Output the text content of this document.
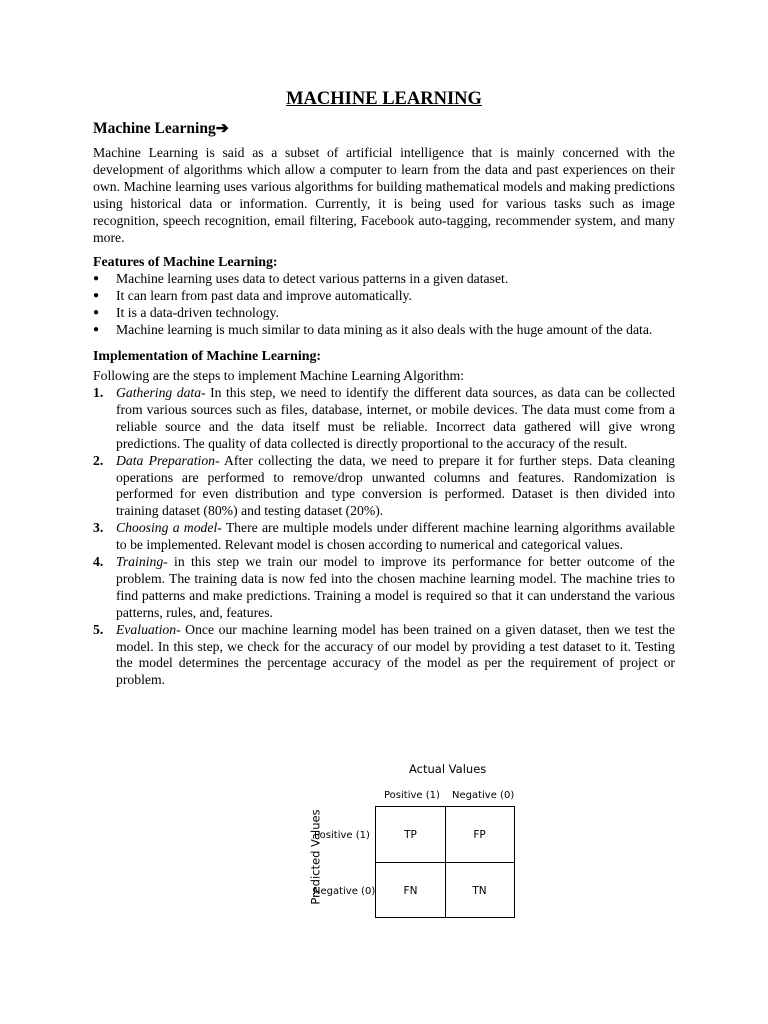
MACHINE LEARNING
Machine Learning➔

Machine Learning is said as a subset of artificial intelligence that is mainly concerned with the development of algorithms which allow a computer to learn from the data and past experiences on their own. Machine learning uses various algorithms for building mathematical models and making predictions using historical data or information. Currently, it is being used for various tasks such as image recognition, speech recognition, email filtering, Facebook auto-tagging, recommender system, and many more.

Features of Machine Learning:
● Machine learning uses data to detect various patterns in a given dataset.
● It can learn from past data and improve automatically.
● It is a data-driven technology.
● Machine learning is much similar to data mining as it also deals with the huge amount of the data.
Implementation of Machine Learning:

Following are the steps to implement Machine Learning Algorithm:

1. Gathering data- In this step, we need to identify the different data sources, as data can be collected from various sources such as files, database, internet, or mobile devices. The data must come from a reliable source and the data itself must be reliable. Incorrect data gathered will give wrong predictions. The quality of data collected is directly proportional to the accuracy of the result.
2. Data Preparation- After collecting the data, we need to prepare it for further steps. Data cleaning operations are performed to remove/drop unwanted columns and features. Randomization is performed for even distribution and type conversion is performed. Dataset is then divided into training dataset (80%) and testing dataset (20%).
3. Choosing a model- There are multiple models under different machine learning algorithms available to be implemented. Relevant model is chosen according to numerical and categorical values.
4. Training- in this step we train our model to improve its performance for better outcome of the problem. The training data is now fed into the chosen machine learning model. The machine tries to find patterns and make predictions. Training a model is required so that it can understand the various patterns, rules, and, features.
5. Evaluation- Once our machine learning model has been trained on a given dataset, then we test the model. In this step, we check for the accuracy of our model by providing a test dataset to it. Testing the model determines the percentage accuracy of the model as per the requirement of project or problem.
Actual Values
Positive (1) Negative (0)
Predicted Values
Positive (1)
Negative (0)
TP	FP
FN	TN
